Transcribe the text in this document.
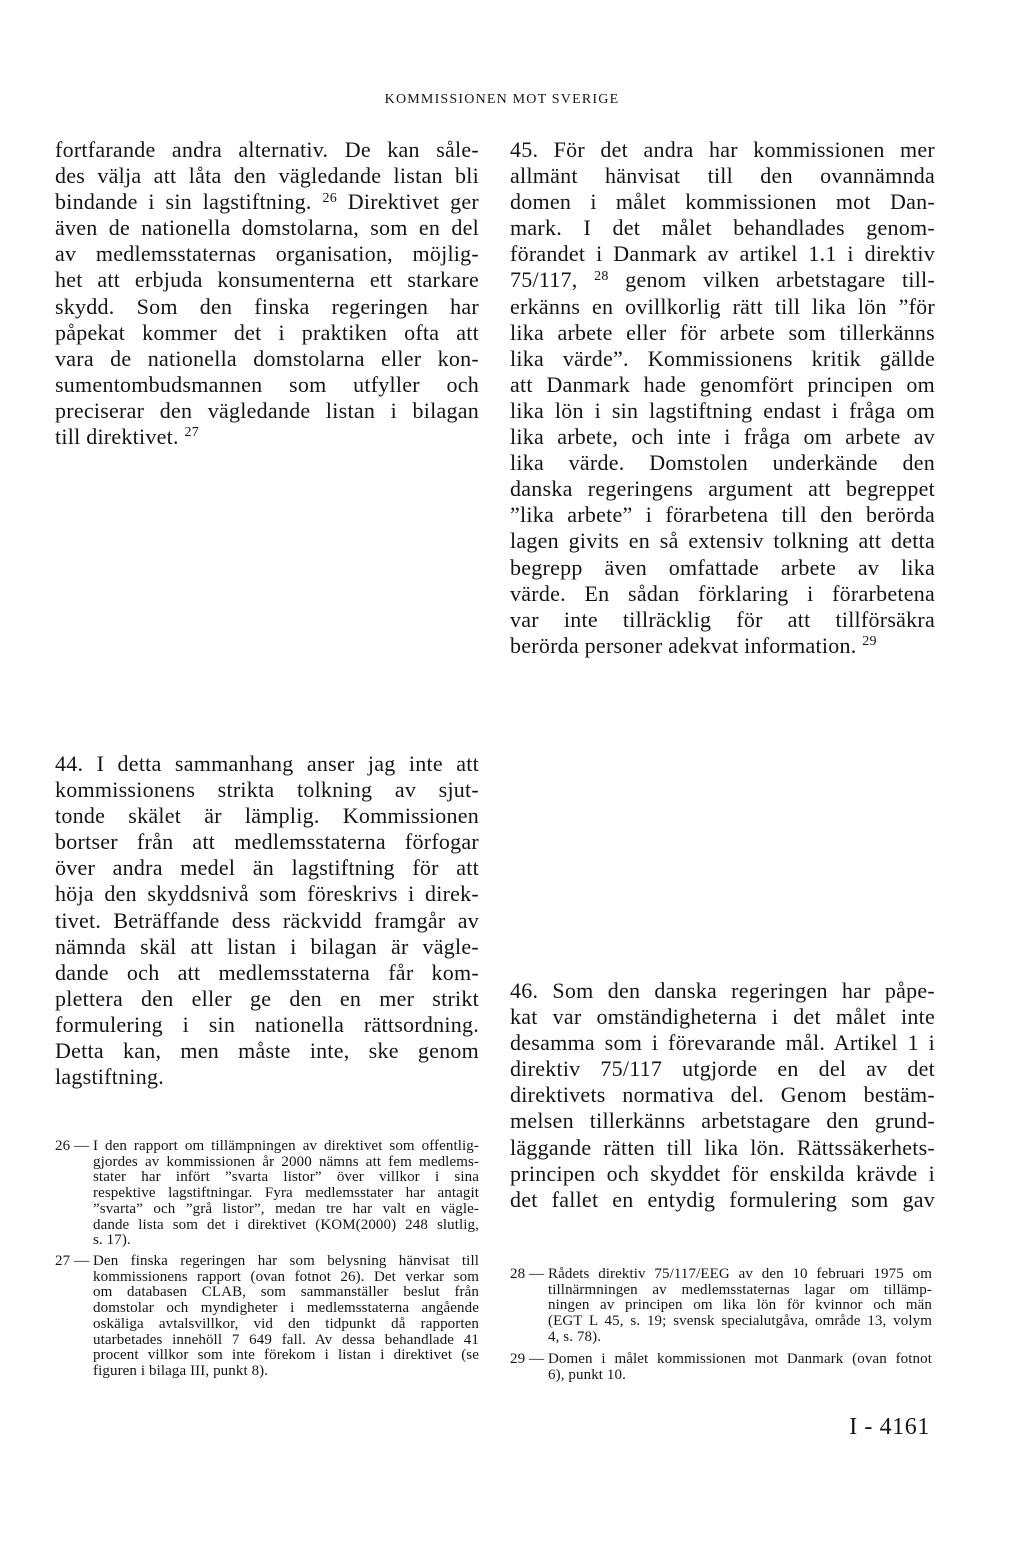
KOMMISSIONEN MOT SVERIGE
fortfarande andra alternativ. De kan såle-
des välja att låta den vägledande listan bli
bindande i sin lagstiftning. $^{26}$ Direktivet ger
även de nationella domstolarna, som en del
av medlemsstaternas organisation, möjlig-
het att erbjuda konsumenterna ett starkare
skydd. Som den finska regeringen har
påpekat kommer det i praktiken ofta att
vara de nationella domstolarna eller kon-
sumentombudsmannen som utfyller och
preciserar den vägledande listan i bilagan
till direktivet. $^{27}$
45. För det andra har kommissionen mer
allmänt hänvisat till den ovannämnda
domen i målet kommissionen mot Dan-
mark. I det målet behandlades genom-
förandet i Danmark av artikel 1.1 i direktiv
75/117, $^{28}$ genom vilken arbetstagare till-
erkänns en ovillkorlig rätt till lika lön ”för
lika arbete eller för arbete som tillerkänns
lika värde”. Kommissionens kritik gällde
att Danmark hade genomfört principen om
lika lön i sin lagstiftning endast i fråga om
lika arbete, och inte i fråga om arbete av
lika värde. Domstolen underkände den
danska regeringens argument att begreppet
”lika arbete” i förarbetena till den berörda
lagen givits en så extensiv tolkning att detta
begrepp även omfattade arbete av lika
värde. En sådan förklaring i förarbetena
var inte tillräcklig för att tillförsäkra
berörda personer adekvat information. $^{29}$
44. I detta sammanhang anser jag inte att
kommissionens strikta tolkning av sjut-
tonde skälet är lämplig. Kommissionen
bortser från att medlemsstaterna förfogar
över andra medel än lagstiftning för att
höja den skyddsnivå som föreskrivs i direk-
tivet. Beträffande dess räckvidd framgår av
nämnda skäl att listan i bilagan är vägle-
dande och att medlemsstaterna får kom-
plettera den eller ge den en mer strikt
formulering i sin nationella rättsordning.
Detta kan, men måste inte, ske genom
lagstiftning.
46. Som den danska regeringen har påpe-
kat var omständigheterna i det målet inte
desamma som i förevarande mål. Artikel 1 i
direktiv 75/117 utgjorde en del av det
direktivets normativa del. Genom bestäm-
melsen tillerkänns arbetstagare den grund-
läggande rätten till lika lön. Rättssäkerhets-
principen och skyddet för enskilda krävde i
det fallet en entydig formulering som gav
26 — I den rapport om tillämpningen av direktivet som offentlig-
gjordes av kommissionen år 2000 nämns att fem medlems-
stater har infört ”svarta listor” över villkor i sina
respektive lagstiftningar. Fyra medlemsstater har antagit
”svarta” och ”grå listor”, medan tre har valt en vägle-
dande lista som det i direktivet (KOM(2000) 248 slutlig,
s. 17).
27 — Den finska regeringen har som belysning hänvisat till
kommissionens rapport (ovan fotnot 26). Det verkar som
om databasen CLAB, som sammanställer beslut från
domstolar och myndigheter i medlemsstaterna angående
oskäliga avtalsvillkor, vid den tidpunkt då rapporten
utarbetades innehöll 7 649 fall. Av dessa behandlade 41
procent villkor som inte förekom i listan i direktivet (se
figuren i bilaga III, punkt 8).
28 — Rådets direktiv 75/117/EEG av den 10 februari 1975 om
tillnärmningen av medlemsstaternas lagar om tillämp-
ningen av principen om lika lön för kvinnor och män
(EGT L 45, s. 19; svensk specialutgåva, område 13, volym
4, s. 78).
29 — Domen i målet kommissionen mot Danmark (ovan fotnot
6), punkt 10.
I - 4161
